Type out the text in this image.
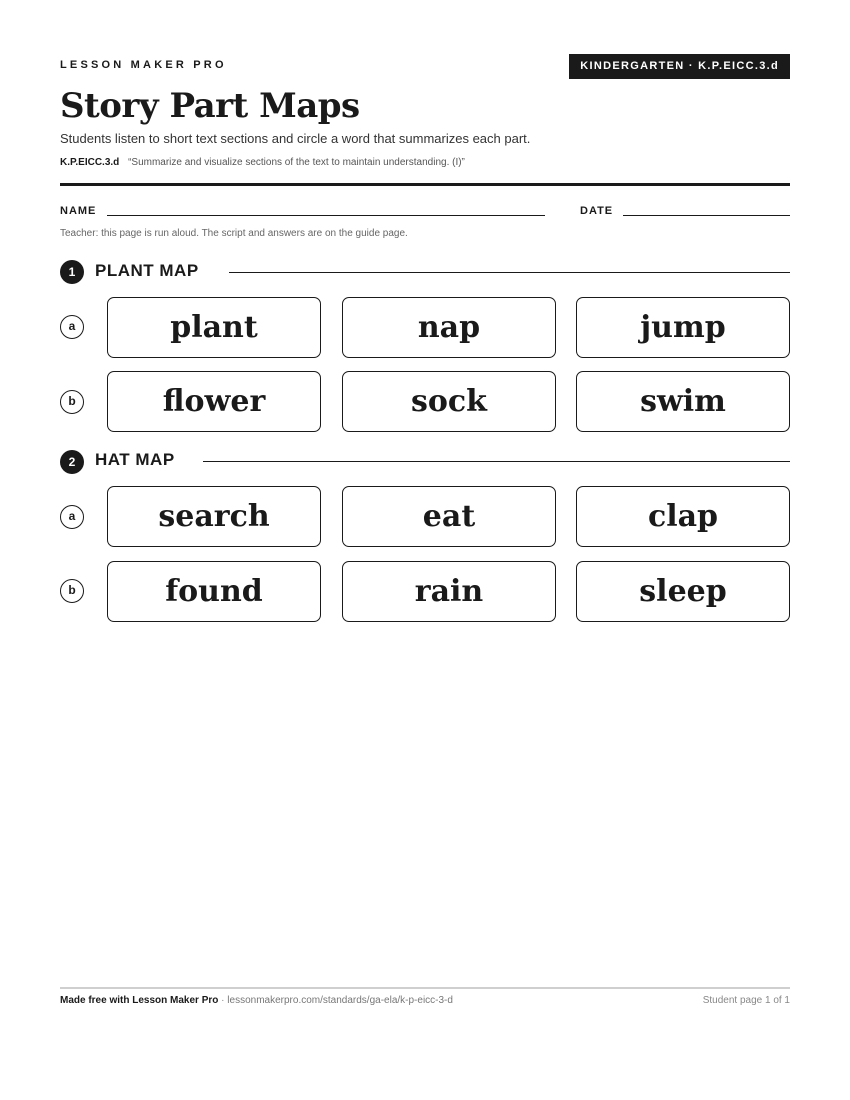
LESSON MAKER PRO	KINDERGARTEN · K.P.EICC.3.d
Story Part Maps
Students listen to short text sections and circle a word that summarizes each part.
K.P.EICC.3.d “Summarize and visualize sections of the text to maintain understanding. (I)”
NAME	DATE
Teacher: this page is run aloud. The script and answers are on the guide page.
1	PLANT MAP
a	plant	nap	jump
b	flower	sock	swim
2	HAT MAP
a	search	eat	clap
b	found	rain	sleep
Made free with Lesson Maker Pro · lessonmakerpro.com/standards/ga-ela/k-p-eicc-3-d	Student page 1 of 1
